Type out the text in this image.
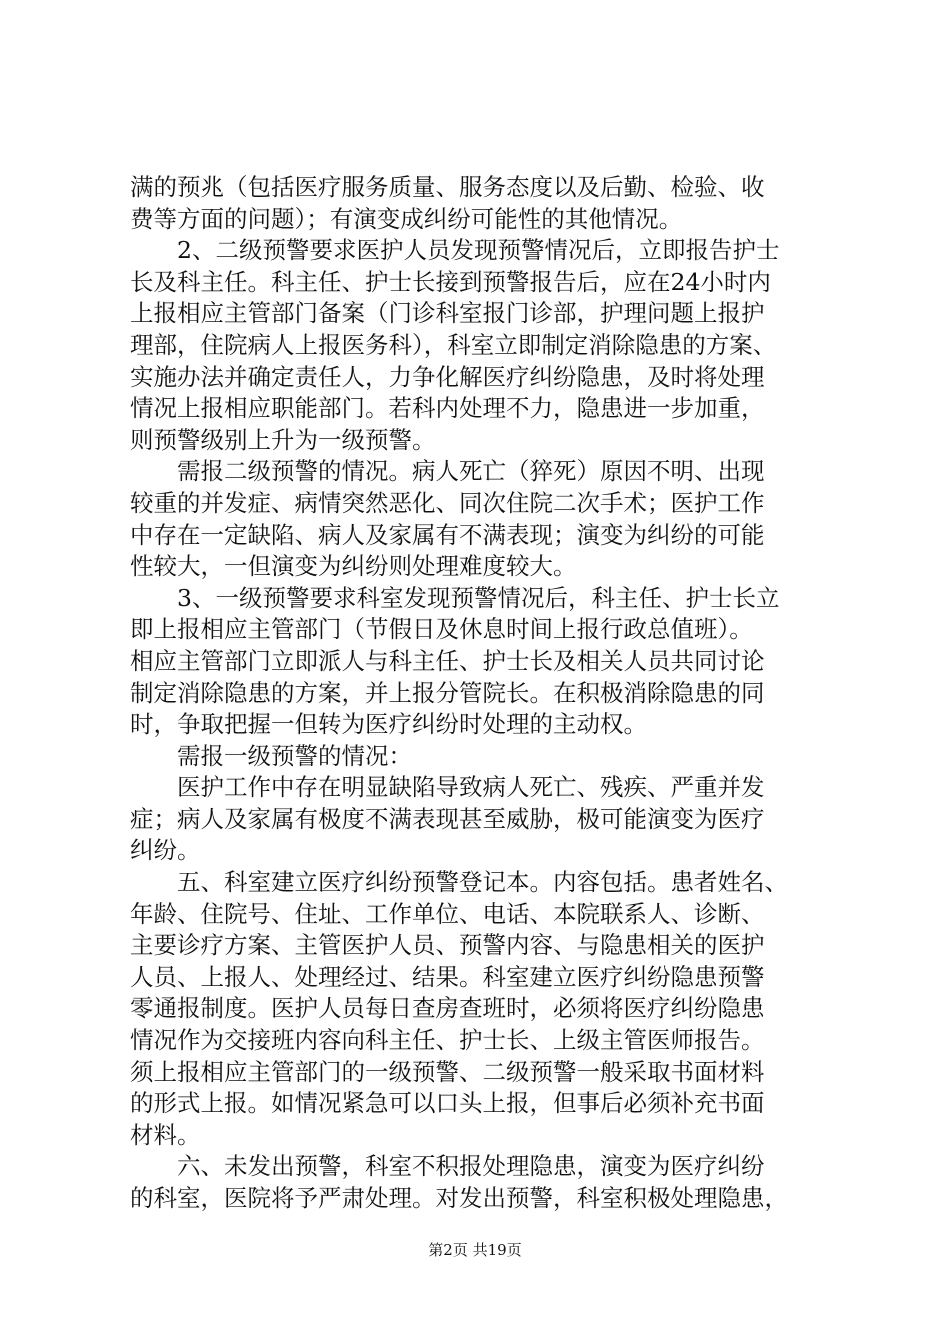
满的预兆（包括医疗服务质量、服务态度以及后勤、检验、收
费等方面的问题）；有演变成纠纷可能性的其他情况。
　　2、二级预警要求医护人员发现预警情况后，立即报告护士
长及科主任。科主任、护士长接到预警报告后，应在24小时内
上报相应主管部门备案（门诊科室报门诊部，护理问题上报护
理部，住院病人上报医务科），科室立即制定消除隐患的方案、
实施办法并确定责任人，力争化解医疗纠纷隐患，及时将处理
情况上报相应职能部门。若科内处理不力，隐患进一步加重，
则预警级别上升为一级预警。
　　需报二级预警的情况。病人死亡（猝死）原因不明、出现
较重的并发症、病情突然恶化、同次住院二次手术；医护工作
中存在一定缺陷、病人及家属有不满表现；演变为纠纷的可能
性较大，一但演变为纠纷则处理难度较大。
　　3、一级预警要求科室发现预警情况后，科主任、护士长立
即上报相应主管部门（节假日及休息时间上报行政总值班）。
相应主管部门立即派人与科主任、护士长及相关人员共同讨论
制定消除隐患的方案，并上报分管院长。在积极消除隐患的同
时，争取把握一但转为医疗纠纷时处理的主动权。
　　需报一级预警的情况：
　　医护工作中存在明显缺陷导致病人死亡、残疾、严重并发
症；病人及家属有极度不满表现甚至威胁，极可能演变为医疗
纠纷。
　　五、科室建立医疗纠纷预警登记本。内容包括。患者姓名、
年龄、住院号、住址、工作单位、电话、本院联系人、诊断、
主要诊疗方案、主管医护人员、预警内容、与隐患相关的医护
人员、上报人、处理经过、结果。科室建立医疗纠纷隐患预警
零通报制度。医护人员每日查房查班时，必须将医疗纠纷隐患
情况作为交接班内容向科主任、护士长、上级主管医师报告。
须上报相应主管部门的一级预警、二级预警一般采取书面材料
的形式上报。如情况紧急可以口头上报，但事后必须补充书面
材料。
　　六、未发出预警，科室不积报处理隐患，演变为医疗纠纷
的科室，医院将予严肃处理。对发出预警，科室积极处理隐患，
第2页 共19页
